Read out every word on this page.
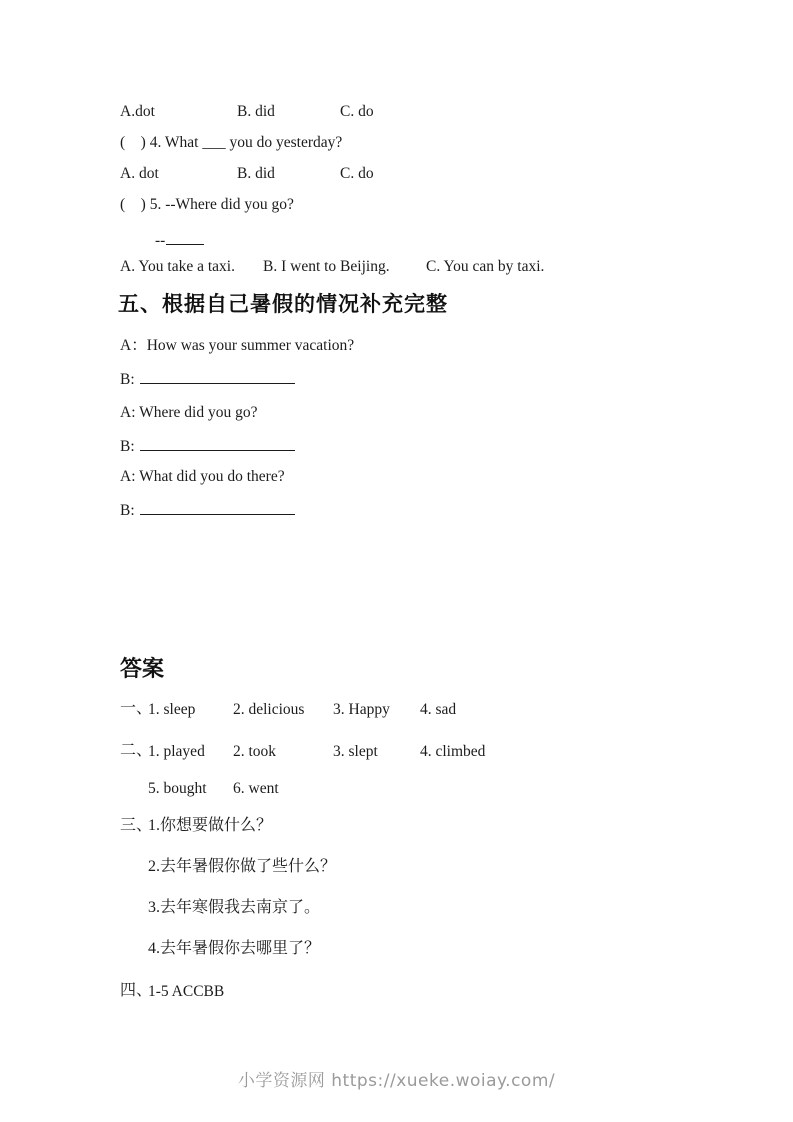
A.dot	B. did	C. do
(    ) 4. What ___ you do yesterday?
A. dot	B. did	C. do
(    ) 5. --Where did you go?
--
A. You take a taxi. B. I went to Beijing. C. You can by taxi.
五、根据自己暑假的情况补充完整
A：How was your summer vacation?
B:
A: Where did you go?
B:
A: What did you do there?
B:
答案
一、
1. sleep 2. delicious 3. Happy 4. sad
二、
1. played 2. took	3. slept	4. climbed
5. bought 6. went
三、
1.你想要做什么？
2.去年暑假你做了些什么？
3.去年寒假我去南京了。
4.去年暑假你去哪里了？
四、
1-5 ACCBB
小学资源网 https://xueke.woiay.com/
